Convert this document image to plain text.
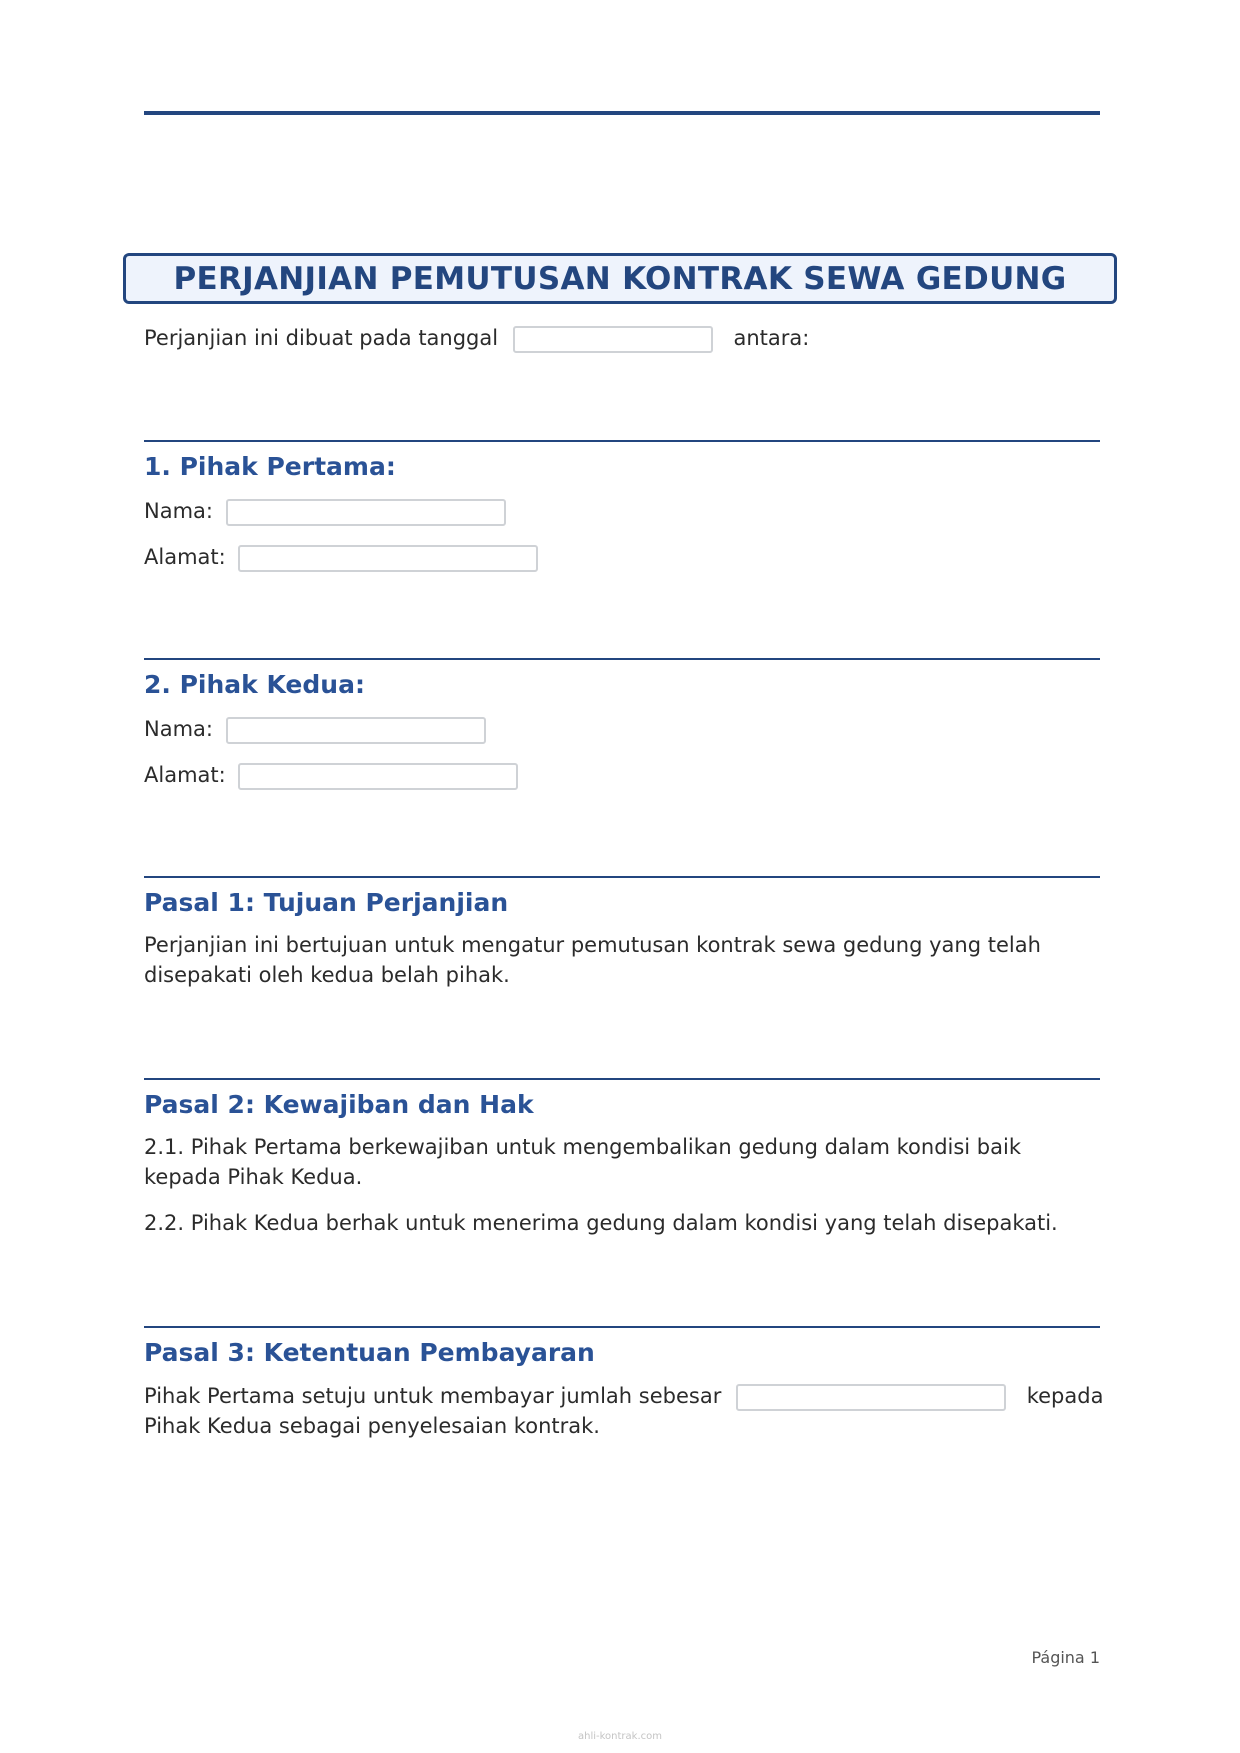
PERJANJIAN PEMUTUSAN KONTRAK SEWA GEDUNG
Perjanjian ini dibuat pada tanggal	antara:
1. Pihak Pertama:
Nama:
Alamat:
2. Pihak Kedua:
Nama:
Alamat:
Pasal 1: Tujuan Perjanjian

Perjanjian ini bertujuan untuk mengatur pemutusan kontrak sewa gedung yang telah disepakati oleh kedua belah pihak.

Pasal 2: Kewajiban dan Hak

2.1. Pihak Pertama berkewajiban untuk mengembalikan gedung dalam kondisi baik kepada Pihak Kedua.

2.2. Pihak Kedua berhak untuk menerima gedung dalam kondisi yang telah disepakati.

Pasal 3: Ketentuan Pembayaran
Pihak Pertama setuju untuk membayar jumlah sebesar	kepada
Pihak Kedua sebagai penyelesaian kontrak.
Página 1
ahli-kontrak.com
